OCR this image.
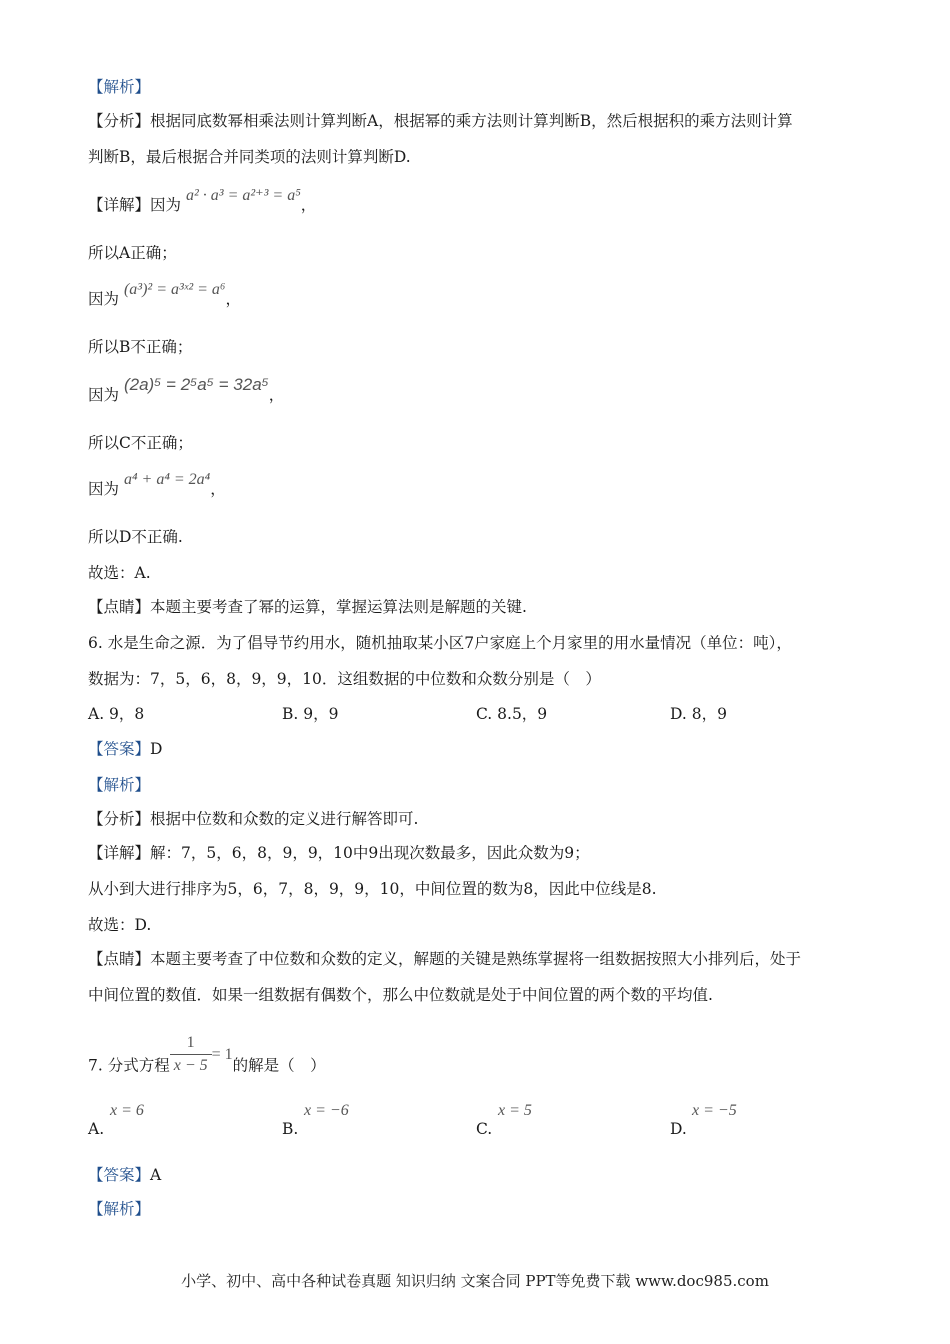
【解析】
【分析】根据同底数幂相乘法则计算判断A，根据幂的乘方法则计算判断B，然后根据积的乘方法则计算
判断B，最后根据合并同类项的法则计算判断D.
【详解】因为 a² · a³ = a²⁺³ = a⁵，
所以A正确；
因为 (a³)² = a³ˣ² = a⁶，
所以B不正确；
因为 (2a)⁵ = 2⁵a⁵ = 32a⁵，
所以C不正确；
因为 a⁴ + a⁴ = 2a⁴，
所以D不正确.
故选：A.
【点睛】本题主要考查了幂的运算，掌握运算法则是解题的关键.
6. 水是生命之源．为了倡导节约用水，随机抽取某小区7户家庭上个月家里的用水量情况（单位：吨），
数据为：7，5，6，8，9，9，10．这组数据的中位数和众数分别是（　）
A. 9，8	B. 9，9	C. 8.5，9	D. 8，9
【答案】D
【解析】
【分析】根据中位数和众数的定义进行解答即可.
【详解】解：7，5，6，8，9，9，10中9出现次数最多，因此众数为9；
从小到大进行排序为5，6，7，8，9，9，10，中间位置的数为8，因此中位线是8.
故选：D.
【点睛】本题主要考查了中位数和众数的定义，解题的关键是熟练掌握将一组数据按照大小排列后，处于
中间位置的数值．如果一组数据有偶数个，那么中位数就是处于中间位置的两个数的平均值.
7. 分式方程 $\frac{1}{x - 5} = 1$的解是（　）
A.
x = 6
B.
x = −6
C.
x = 5
D.
x = −5
【答案】A
【解析】
小学、初中、高中各种试卷真题 知识归纳 文案合同 PPT等免费下载 www.doc985.com
